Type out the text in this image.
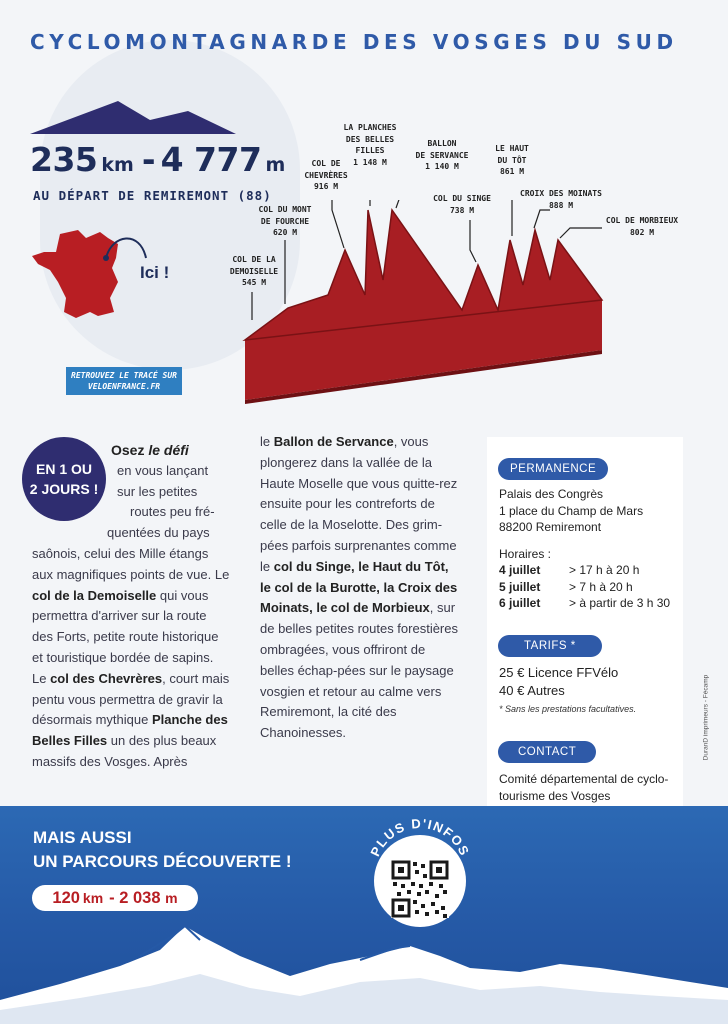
CYCLOMONTAGNARDE DES VOSGES DU SUD
235 km - 4 777 m
AU DÉPART DE REMIREMONT (88)
Ici !
RETROUVEZ LE TRACÉ SUR
VELOENFRANCE.FR
COL DE LA
DEMOISELLE
545 M
COL DU MONT
DE FOURCHE
620 M
COL DE
CHEVRÈRES
916 M
LA PLANCHES
DES BELLES FILLES
1 148 M
BALLON
DE SERVANCE
1 140 M
COL DU SINGE
738 M
LE HAUT
DU TÔT
861 M
CROIX DES MOINATS
888 M
COL DE MORBIEUX
802 M
EN 1 OU
2 JOURS !
Osez le défi
en vous lançant
sur les petites
routes peu fré-
quentées du pays

saônois, celui des Mille étangs aux magnifiques points de vue. Le col de la Demoiselle qui vous permettra d'arriver sur la route des Forts, petite route historique et touristique bordée de sapins. Le col des Chevrères, court mais pentu vous permettra de gravir la désormais mythique Planche des Belles Filles un des plus beaux massifs des Vosges. Après

le Ballon de Servance, vous plongerez dans la vallée de la Haute Moselle que vous quitte-rez ensuite pour les contreforts de celle de la Moselotte. Des grim-pées parfois surprenantes comme le col du Singe, le Haut du Tôt, le col de la Burotte, la Croix des Moinats, le col de Morbieux, sur de belles petites routes forestières ombragées, vous offriront de belles échap-pées sur le paysage vosgien et retour au calme vers Remiremont, la cité des Chanoinesses.

PERMANENCE
Palais des Congrès
1 place du Champ de Mars
88200 Remiremont
Horaires :
4 juillet	> 17 h à 20 h
5 juillet	> 7 h à 20 h
6 juillet	> à partir de 3 h 30
TARIFS *
25 € Licence FFVélo
40 € Autres
* Sans les prestations facultatives.
CONTACT
Comité départemental de cyclo-
tourisme des Vosges
DuranD imprimeurs - Fécamp
MAIS AUSSI
UN PARCOURS DÉCOUVERTE !
120 km - 2 038 m
PLUS D'INFOS
